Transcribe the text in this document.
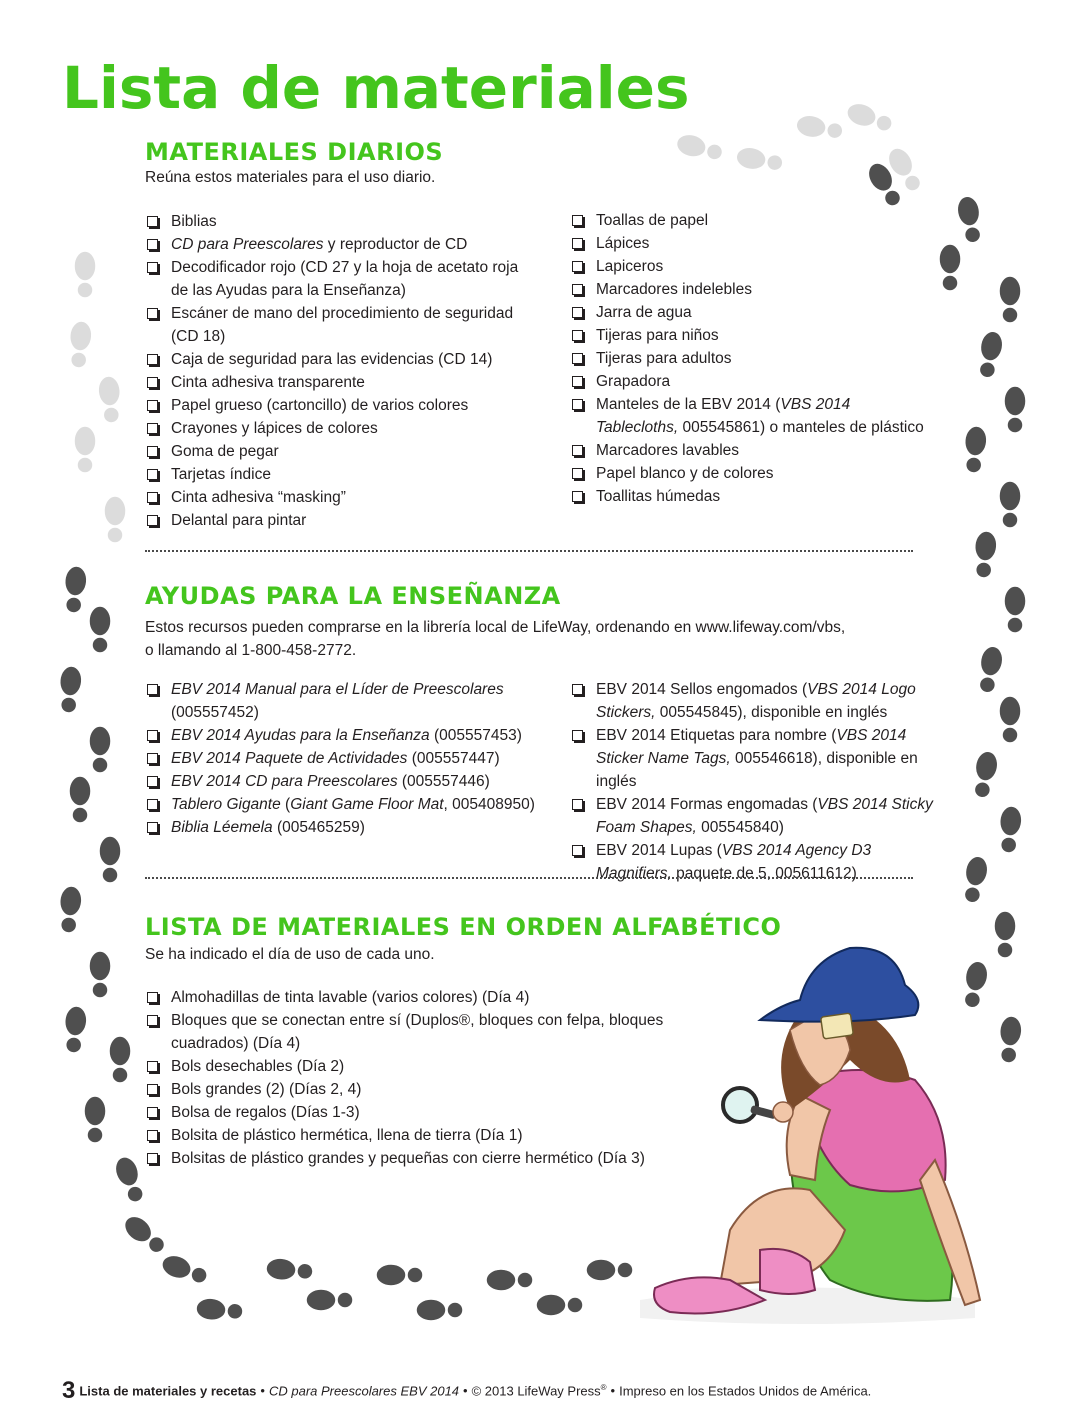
Lista de materiales
MATERIALES DIARIOS

Reúna estos materiales para el uso diario.

Biblias
CD para Preescolares y reproductor de CD
Decodificador rojo (CD 27 y la hoja de acetato roja de las Ayudas para la Enseñanza)
Escáner de mano del procedimiento de seguridad (CD 18)
Caja de seguridad para las evidencias (CD 14)
Cinta adhesiva transparente
Papel grueso (cartoncillo) de varios colores
Crayones y lápices de colores
Goma de pegar
Tarjetas índice
Cinta adhesiva “masking”
Delantal para pintar
Toallas de papel
Lápices
Lapiceros
Marcadores indelebles
Jarra de agua
Tijeras para niños
Tijeras para adultos
Grapadora
Manteles de la EBV 2014 (VBS 2014 Tablecloths, 005545861) o manteles de plástico
Marcadores lavables
Papel blanco y de colores
Toallitas húmedas
AYUDAS PARA LA ENSEÑANZA

Estos recursos pueden comprarse en la librería local de LifeWay, ordenando en www.lifeway.com/vbs,

o llamando al 1-800-458-2772.

EBV 2014 Manual para el Líder de Preescolares (005557452)
EBV 2014 Ayudas para la Enseñanza (005557453)
EBV 2014 Paquete de Actividades (005557447)
EBV 2014 CD para Preescolares (005557446)
Tablero Gigante (Giant Game Floor Mat, 005408950)
Biblia Léemela (005465259)
EBV 2014 Sellos engomados (VBS 2014 Logo Stickers, 005545845), disponible en inglés
EBV 2014 Etiquetas para nombre (VBS 2014 Sticker Name Tags, 005546618), disponible en inglés
EBV 2014 Formas engomadas (VBS 2014 Sticky Foam Shapes, 005545840)
EBV 2014 Lupas (VBS 2014 Agency D3 Magnifiers, paquete de 5, 005611612)
LISTA DE MATERIALES EN ORDEN ALFABÉTICO

Se ha indicado el día de uso de cada uno.

Almohadillas de tinta lavable (varios colores) (Día 4)
Bloques que se conectan entre sí (Duplos®, bloques con felpa, bloques cuadrados) (Día 4)
Bols desechables (Día 2)
Bols grandes (2) (Días 2, 4)
Bolsa de regalos (Días 1-3)
Bolsita de plástico hermética, llena de tierra (Día 1)
Bolsitas de plástico grandes y pequeñas con cierre hermético (Día 3)

3 Lista de materiales y recetas • CD para Preescolares EBV 2014 • © 2013 LifeWay Press® • Impreso en los Estados Unidos de América.
